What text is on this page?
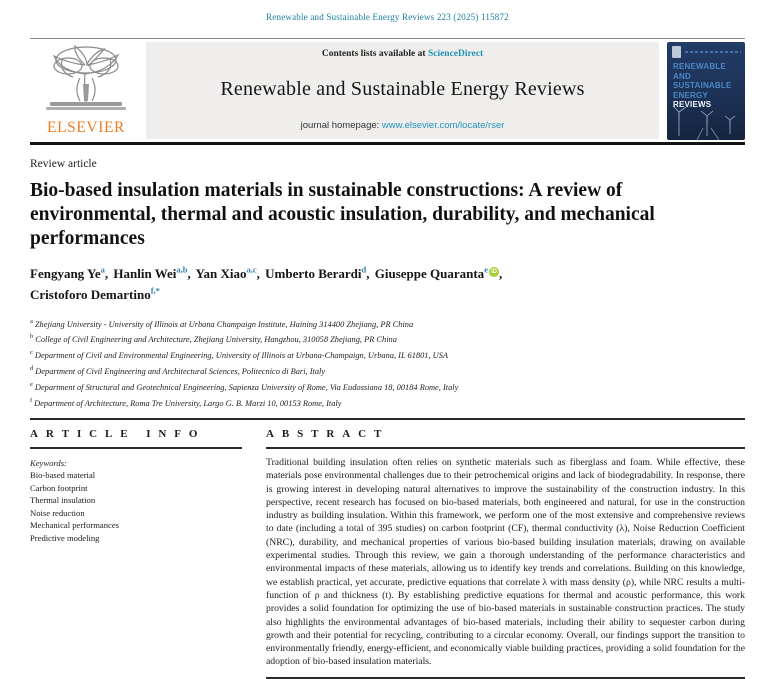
Renewable and Sustainable Energy Reviews 223 (2025) 115872
ELSEVIER
Contents lists available at ScienceDirect
Renewable and Sustainable Energy Reviews
journal homepage: www.elsevier.com/locate/rser
RENEWABLE
AND
SUSTAINABLE
ENERGY
REVIEWS
Review article
Bio-based insulation materials in sustainable constructions: A review of environmental, thermal and acoustic insulation, durability, and mechanical performances
Fengyang Ye$^a$, Hanlin Wei$^{a,b}$, Yan Xiao$^{a,c}$, Umberto Berardi$^d$, Giuseppe Quaranta$^e$ iD ,
Cristoforo Demartino$^{f,*}$
$^a$ Zhejiang University - University of Illinois at Urbana Champaign Institute, Haining 314400 Zhejiang, PR China
$^b$ College of Civil Engineering and Architecture, Zhejiang University, Hangzhou, 310058 Zhejiang, PR China
$^c$ Department of Civil and Environmental Engineering, University of Illinois at Urbana-Champaign, Urbana, IL 61801, USA
$^d$ Department of Civil Engineering and Architectural Sciences, Politecnico di Bari, Italy
$^e$ Department of Structural and Geotechnical Engineering, Sapienza University of Rome, Via Eudossiana 18, 00184 Rome, Italy
$^f$ Department of Architecture, Roma Tre University, Largo G. B. Marzi 10, 00153 Rome, Italy
A R T I C L E   I N F O
Keywords:
Bio-based material
Carbon footprint
Thermal insulation
Noise reduction
Mechanical performances
Predictive modeling
A B S T R A C T
Traditional building insulation often relies on synthetic materials such as fiberglass and foam. While effective, these materials pose environmental challenges due to their petrochemical origins and lack of biodegradability. In response, there is growing interest in developing natural alternatives to improve the sustainability of the construction industry. In this perspective, recent research has focused on bio-based materials, both engineered and natural, for use in the construction industry as building insulation. Within this framework, we perform one of the most extensive and comprehensive reviews to date (including a total of 395 studies) on carbon footprint (CF), thermal conductivity (λ), Noise Reduction Coefficient (NRC), durability, and mechanical properties of various bio-based building insulation materials, drawing on available experimental studies. Through this review, we gain a thorough understanding of the performance characteristics and environmental impacts of these materials, allowing us to identify key trends and correlations. Building on this knowledge, we establish practical, yet accurate, predictive equations that correlate λ with mass density (ρ), while NRC results a multi-function of ρ and thickness (t). By establishing predictive equations for thermal and acoustic performance, this work provides a solid foundation for optimizing the use of bio-based materials in sustainable construction practices. The study also highlights the environmental advantages of bio-based materials, including their ability to sequester carbon during growth and their potential for recycling, contributing to a circular economy. Overall, our findings support the transition to environmentally friendly, energy-efficient, and economically viable building practices, providing a solid foundation for the adoption of bio-based insulation materials.
